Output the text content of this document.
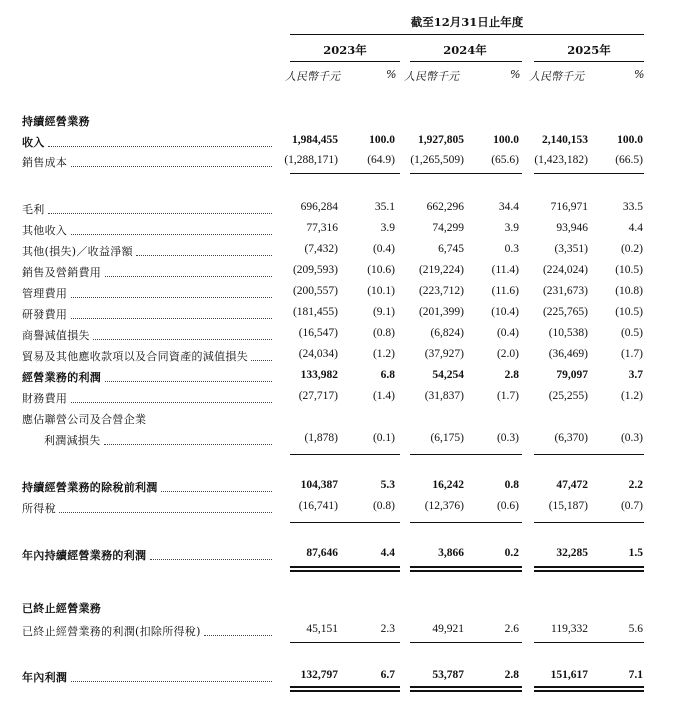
截至12月31日止年度
2023年	2024年	2025年
人民幣千元	% 人民幣千元	% 人民幣千元	%
持續經營業務
已終止經營業務
收入	1,984,455	100.0 1,927,805	100.0 2,140,153	100.0
銷售成本	(1,288,171)	(64.9) (1,265,509) (65.6) (1,423,182) (66.5)
毛利	696,284	35.1	662,296	34.4	716,971	33.5
其他收入	77,316	3.9	74,299	3.9	93,946	4.4
其他(損失)／收益淨額	(7,432)	(0.4)	6,745	0.3	(3,351)	(0.2)
銷售及營銷費用	(209,593)	(10.6) (219,224) (11.4) (224,024) (10.5)
管理費用	(200,557)	(10.1) (223,712) (11.6) (231,673) (10.8)
研發費用	(181,455)	(9.1) (201,399) (10.4) (225,765) (10.5)
商譽減值損失	(16,547)	(0.8)	(6,824)	(0.4)	(10,538)	(0.5)
貿易及其他應收款項以及合同資產的減值損失	(24,034)	(1.2)	(37,927)	(2.0)	(36,469)	(1.7)
經營業務的利潤	133,982	6.8	54,254	2.8	79,097	3.7
財務費用	(27,717)	(1.4)	(31,837)	(1.7)	(25,255)	(1.2)
應佔聯營公司及合營企業
利潤減損失	(1,878)	(0.1)	(6,175)	(0.3)	(6,370)	(0.3)
持續經營業務的除稅前利潤	104,387	5.3	16,242	0.8	47,472	2.2
所得稅	(16,741)	(0.8)	(12,376)	(0.6)	(15,187)	(0.7)
年內持續經營業務的利潤	87,646	4.4	3,866	0.2	32,285	1.5
已終止經營業務的利潤(扣除所得稅)	45,151	2.3	49,921	2.6	119,332	5.6
年內利潤	132,797	6.7	53,787	2.8	151,617	7.1
